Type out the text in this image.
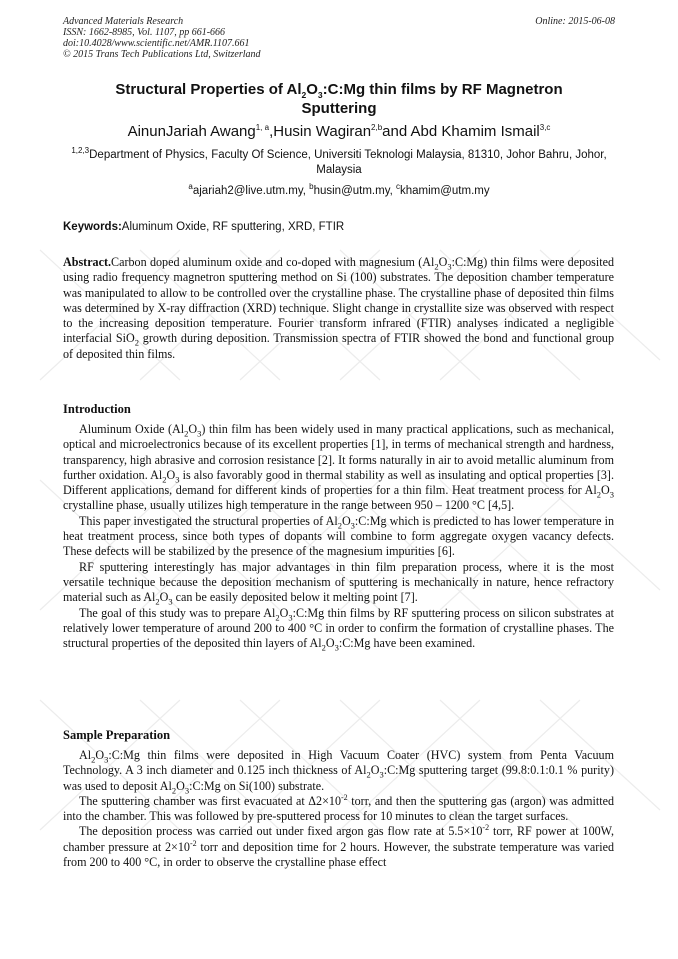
Advanced Materials Research
ISSN: 1662-8985, Vol. 1107, pp 661-666
doi:10.4028/www.scientific.net/AMR.1107.661
© 2015 Trans Tech Publications Ltd, Switzerland
Online: 2015-06-08
Structural Properties of $Al_2O_3:C:Mg$ thin films by RF Magnetron
Sputtering
AinunJariah Awang$^{1, a}$,Husin Wagiran$^{2,b}$and Abd Khamim Ismail$^{3,c}$
$^{1,2,3}$Department of Physics, Faculty Of Science, Universiti Teknologi Malaysia, 81310, Johor Bahru, Johor, Malaysia
$^a$ajariah2@live.utm.my, $^b$husin@utm.my, $^c$khamim@utm.my
Keywords:Aluminum Oxide, RF sputtering, XRD, FTIR

Abstract.Carbon doped aluminum oxide and co-doped with magnesium $(Al_2O_3:C:Mg)$ thin films were deposited using radio frequency magnetron sputtering method on Si (100) substrates. The deposition chamber temperature was manipulated to allow to be controlled over the crystalline phase. The crystalline phase of deposited thin films was determined by X-ray diffraction (XRD) technique. Slight change in crystallite size was observed with respect to the increasing deposition temperature. Fourier transform infrared (FTIR) analyses indicated a negligible interfacial SiO$_2$ growth during deposition. Transmission spectra of FTIR showed the bond and functional group of deposited thin films.

Introduction

Aluminum Oxide $(Al_2O_3)$ thin film has been widely used in many practical applications, such as mechanical, optical and microelectronics because of its excellent properties [1], in terms of mechanical strength and hardness, transparency, high abrasive and corrosion resistance [2]. It forms naturally in air to avoid metallic aluminum from further oxidation. $Al_2O_3$ is also favorably good in thermal stability as well as insulating and optical properties [3]. Different applications, demand for different kinds of properties for a thin film. Heat treatment process for $Al_2O_3$ crystalline phase, usually utilizes high temperature in the range between 950 – 1200 °C [4,5].

This paper investigated the structural properties of $Al_2O_3:C:Mg$ which is predicted to has lower temperature in heat treatment process, since both types of dopants will combine to form aggregate oxygen vacancy defects. These defects will be stabilized by the presence of the magnesium impurities [6].

RF sputtering interestingly has major advantages in thin film preparation process, where it is the most versatile technique because the deposition mechanism of sputtering is mechanically in nature, hence refractory material such as $Al_2O_3$ can be easily deposited below it melting point [7].

The goal of this study was to prepare $Al_2O_3:C:Mg$ thin films by RF sputtering process on silicon substrates at relatively lower temperature of around 200 to 400 °C in order to confirm the formation of crystalline phases. The structural properties of the deposited thin layers of $Al_2O_3:C:Mg$ have been examined.

Sample Preparation

$Al_2O_3:C:Mg$ thin films were deposited in High Vacuum Coater (HVC) system from Penta Vacuum Technology. A 3 inch diameter and 0.125 inch thickness of $Al_2O_3:C:Mg$ sputtering target (99.8:0.1:0.1 % purity) was used to deposit $Al_2O_3:C:Mg$ on Si(100) substrate.

The sputtering chamber was first evacuated at $\Delta 2\times 10^{-2}$ torr, and then the sputtering gas (argon) was admitted into the chamber. This was followed by pre-sputtered process for 10 minutes to clean the target surfaces.

The deposition process was carried out under fixed argon gas flow rate at $5.5\times 10^{-2}$ torr, RF power at 100W, chamber pressure at $2\times 10^{-2}$ torr and deposition time for 2 hours. However, the substrate temperature was varied from 200 to 400 °C, in order to observe the crystalline phase effect
